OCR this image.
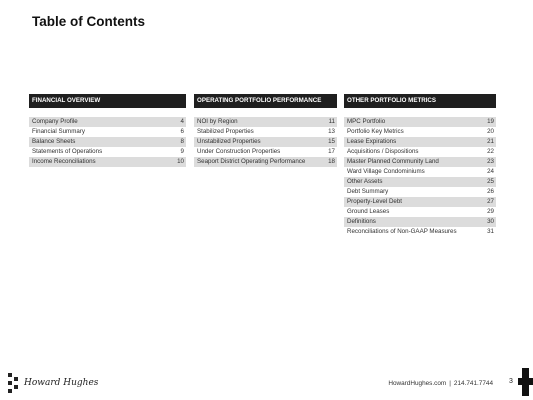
Table of Contents
FINANCIAL OVERVIEW
Company Profile	4
Financial Summary	6
Balance Sheets	8
Statements of Operations	9
Income Reconciliations	10
OPERATING PORTFOLIO PERFORMANCE
NOI by Region	11
Stabilized Properties	13
Unstabilized Properties	15
Under Construction Properties	17
Seaport District Operating Performance	18
OTHER PORTFOLIO METRICS
MPC Portfolio	19
Portfolio Key Metrics	20
Lease Expirations	21
Acquisitions / Dispositions	22
Master Planned Community Land	23
Ward Village Condominiums	24
Other Assets	25
Debt Summary	26
Property-Level Debt	27
Ground Leases	29
Definitions	30
Reconciliations of Non-GAAP Measures	31
Howard Hughes	HowardHughes.com | 214.741.7744 3
